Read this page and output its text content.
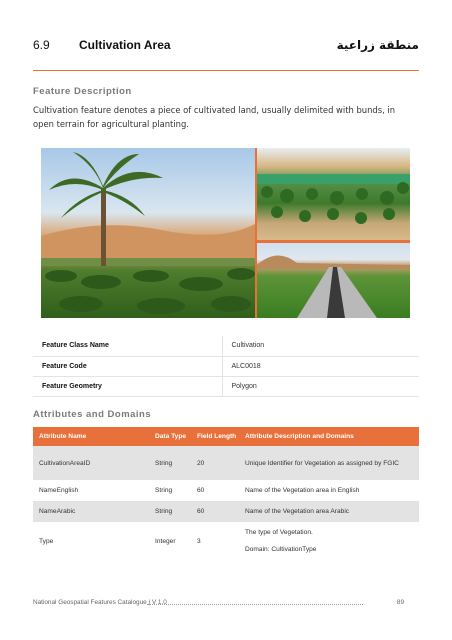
6.9 Cultivation Area	منطقة زراعية
Feature Description
Cultivation feature denotes a piece of cultivated land, usually delimited with bunds, in open terrain for agricultural planting.
Feature Class Name	Cultivation
Feature Code	ALC0018
Feature Geometry	Polygon
Attributes and Domains
Attribute Name	Data Type	Field Length	Attribute Description and Domains
CultivationAreaID	String	20	Unique Identifier for Vegetation as assigned by FGIC
NameEnglish	String	60	Name of the Vegetation area in English
NameArabic	String	60	Name of the Vegetation area Arabic
Type	Integer	3	The type of Vegetation.
Domain: CultivationType
National Geospatial Features Catalogue | V 1.0	89
